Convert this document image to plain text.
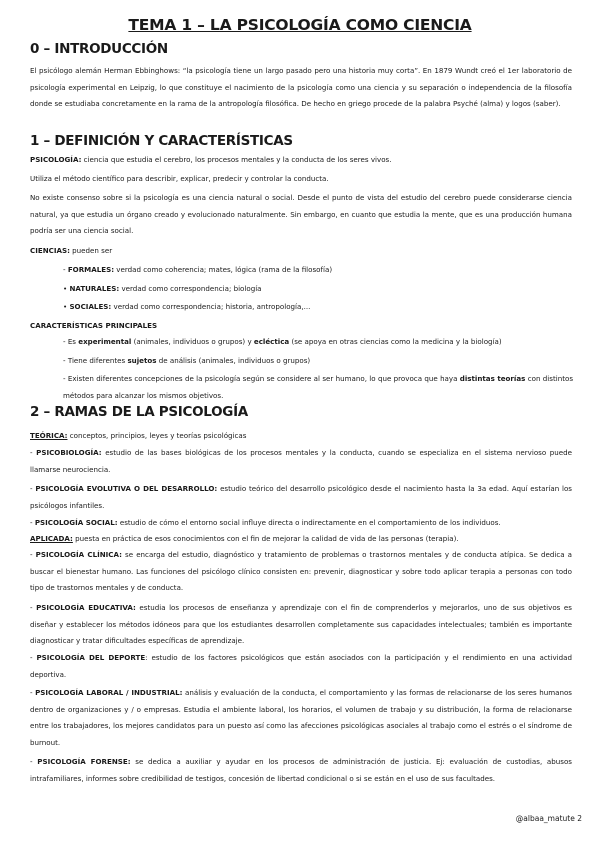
TEMA 1 – LA PSICOLOGÍA COMO CIENCIA
0 – INTRODUCCIÓN
El psicólogo alemán Herman Ebbinghows: “la psicología tiene un largo pasado pero una historia muy corta”. En 1879 Wundt creó el 1er laboratorio de psicología experimental en Leipzig, lo que constituye el nacimiento de la psicología como una ciencia y su separación o independencia de la filosofía donde se estudiaba concretamente en la rama de la antropología filosófica. De hecho en griego procede de la palabra Psyché (alma) y logos (saber).
1 – DEFINICIÓN Y CARACTERÍSTICAS
PSICOLOGÍA: ciencia que estudia el cerebro, los procesos mentales y la conducta de los seres vivos.
Utiliza el método científico para describir, explicar, predecir y controlar la conducta.
No existe consenso sobre si la psicología es una ciencia natural o social. Desde el punto de vista del estudio del cerebro puede considerarse ciencia natural, ya que estudia un órgano creado y evolucionado naturalmente. Sin embargo, en cuanto que estudia la mente, que es una producción humana podría ser una ciencia social.
CIENCIAS: pueden ser
- FORMALES: verdad como coherencia; mates, lógica (rama de la filosofía)
• NATURALES: verdad como correspondencia; biología
• SOCIALES: verdad como correspondencia; historia, antropología,...
CARACTERÍSTICAS PRINCIPALES
- Es experimental (animales, individuos o grupos) y ecléctica (se apoya en otras ciencias como la medicina y la biología)
- Tiene diferentes sujetos de análisis (animales, individuos o grupos)
- Existen diferentes concepciones de la psicología según se considere al ser humano, lo que provoca que haya distintas teorías con distintos métodos para alcanzar los mismos objetivos.
2 – RAMAS DE LA PSICOLOGÍA
TEÓRICA: conceptos, principios, leyes y teorías psicológicas
- PSICOBIOLOGÍA: estudio de las bases biológicas de los procesos mentales y la conducta, cuando se especializa en el sistema nervioso puede llamarse neurociencia.
- PSICOLOGÍA EVOLUTIVA O DEL DESARROLLO: estudio teórico del desarrollo psicológico desde el nacimiento hasta la 3a edad. Aquí estarían los psicólogos infantiles.
- PSICOLOGÍA SOCIAL: estudio de cómo el entorno social influye directa o indirectamente en el comportamiento de los individuos.
APLICADA: puesta en práctica de esos conocimientos con el fin de mejorar la calidad de vida de las personas (terapia).
- PSICOLOGÍA CLÍNICA: se encarga del estudio, diagnóstico y tratamiento de problemas o trastornos mentales y de conducta atípica. Se dedica a buscar el bienestar humano. Las funciones del psicólogo clínico consisten en: prevenir, diagnosticar y sobre todo aplicar terapia a personas con todo tipo de trastornos mentales y de conducta.
- PSICOLOGÍA EDUCATIVA: estudia los procesos de enseñanza y aprendizaje con el fin de comprenderlos y mejorarlos, uno de sus objetivos es diseñar y establecer los métodos idóneos para que los estudiantes desarrollen completamente sus capacidades intelectuales; también es importante diagnosticar y tratar dificultades específicas de aprendizaje.
- PSICOLOGÍA DEL DEPORTE: estudio de los factores psicológicos que están asociados con la participación y el rendimiento en una actividad deportiva.
- PSICOLOGÍA LABORAL / INDUSTRIAL: análisis y evaluación de la conducta, el comportamiento y las formas de relacionarse de los seres humanos dentro de organizaciones y / o empresas. Estudia el ambiente laboral, los horarios, el volumen de trabajo y su distribución, la forma de relacionarse entre los trabajadores, los mejores candidatos para un puesto así como las afecciones psicológicas asociales al trabajo como el estrés o el síndrome de burnout.
- PSICOLOGÍA FORENSE: se dedica a auxiliar y ayudar en los procesos de administración de justicia. Ej: evaluación de custodias, abusos intrafamiliares, informes sobre credibilidad de testigos, concesión de libertad condicional o si se están en el uso de sus facultades.
@albaa_matute 2
